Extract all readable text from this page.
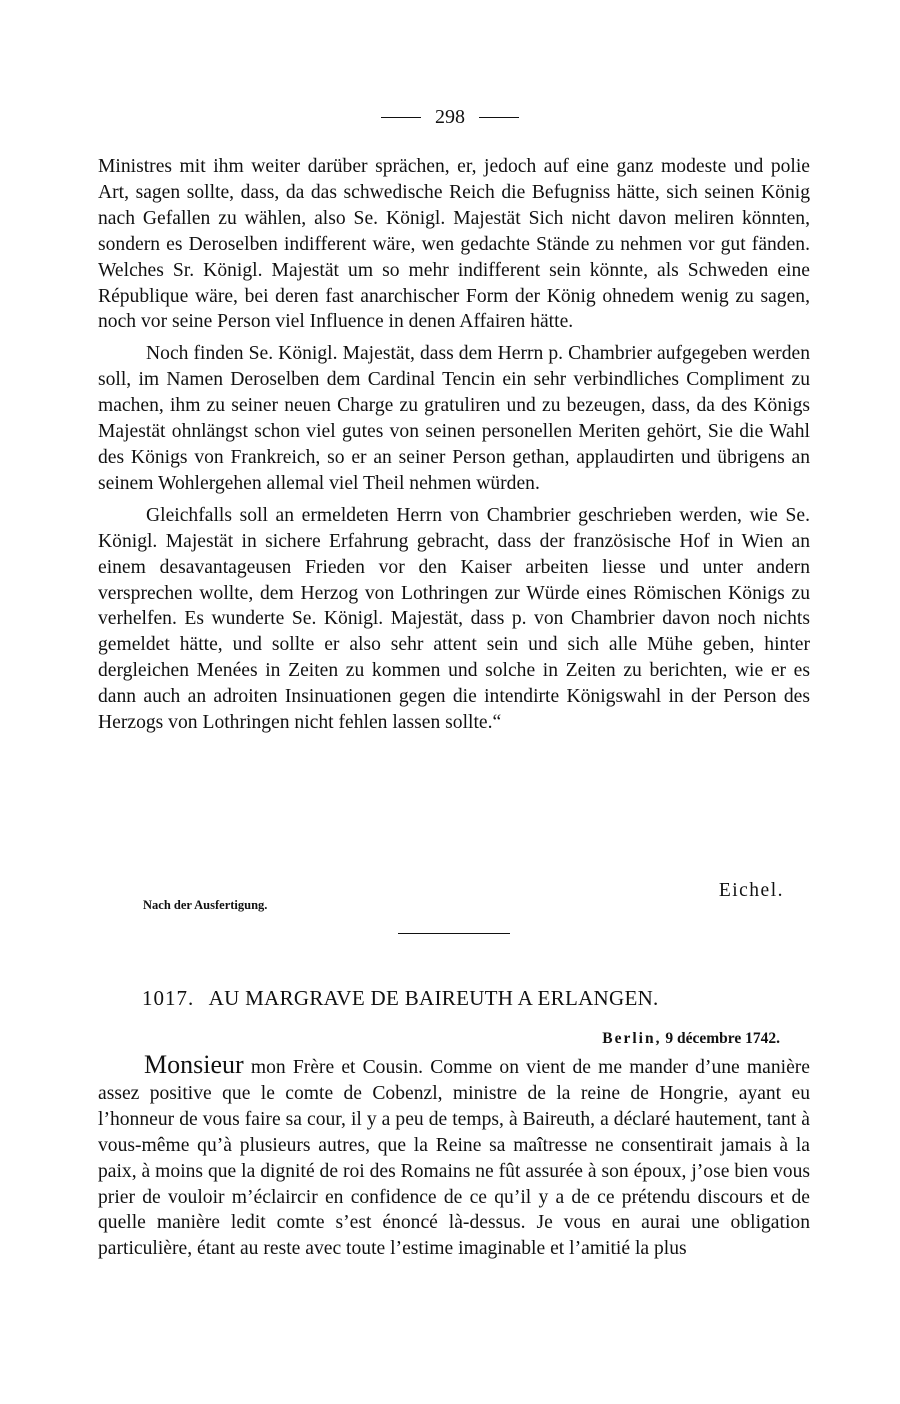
298

Ministres mit ihm weiter darüber sprächen, er, jedoch auf eine ganz modeste und polie Art, sagen sollte, dass, da das schwedische Reich die Befugniss hätte, sich seinen König nach Gefallen zu wählen, also Se. Königl. Majestät Sich nicht davon meliren könnten, sondern es Deroselben indifferent wäre, wen gedachte Stände zu nehmen vor gut fänden. Welches Sr. Königl. Majestät um so mehr indifferent sein könnte, als Schweden eine République wäre, bei deren fast anarchischer Form der König ohnedem wenig zu sagen, noch vor seine Person viel Influence in denen Affairen hätte.

Noch finden Se. Königl. Majestät, dass dem Herrn p. Chambrier aufgegeben werden soll, im Namen Deroselben dem Cardinal Tencin ein sehr verbindliches Compliment zu machen, ihm zu seiner neuen Charge zu gratuliren und zu bezeugen, dass, da des Königs Majestät ohnlängst schon viel gutes von seinen personellen Meriten gehört, Sie die Wahl des Königs von Frankreich, so er an seiner Person gethan, applaudirten und übrigens an seinem Wohlergehen allemal viel Theil nehmen würden.

Gleichfalls soll an ermeldeten Herrn von Chambrier geschrieben werden, wie Se. Königl. Majestät in sichere Erfahrung gebracht, dass der französische Hof in Wien an einem desavantageusen Frieden vor den Kaiser arbeiten liesse und unter andern versprechen wollte, dem Herzog von Lothringen zur Würde eines Römischen Königs zu verhelfen. Es wunderte Se. Königl. Majestät, dass p. von Chambrier davon noch nichts gemeldet hätte, und sollte er also sehr attent sein und sich alle Mühe geben, hinter dergleichen Menées in Zeiten zu kommen und solche in Zeiten zu berichten, wie er es dann auch an adroiten Insinuationen gegen die intendirte Königswahl in der Person des Herzogs von Lothringen nicht fehlen lassen sollte.“

Eichel.
Nach der Ausfertigung.
1017. AU MARGRAVE DE BAIREUTH A ERLANGEN.
Berlin, 9 décembre 1742.

Monsieur mon Frère et Cousin. Comme on vient de me mander d’une manière assez positive que le comte de Cobenzl, ministre de la reine de Hongrie, ayant eu l’honneur de vous faire sa cour, il y a peu de temps, à Baireuth, a déclaré hautement, tant à vous-même qu’à plusieurs autres, que la Reine sa maîtresse ne consentirait jamais à la paix, à moins que la dignité de roi des Romains ne fût assurée à son époux, j’ose bien vous prier de vouloir m’éclaircir en confidence de ce qu’il y a de ce prétendu discours et de quelle manière ledit comte s’est énoncé là-dessus. Je vous en aurai une obligation particulière, étant au reste avec toute l’estime imaginable et l’amitié la plus
